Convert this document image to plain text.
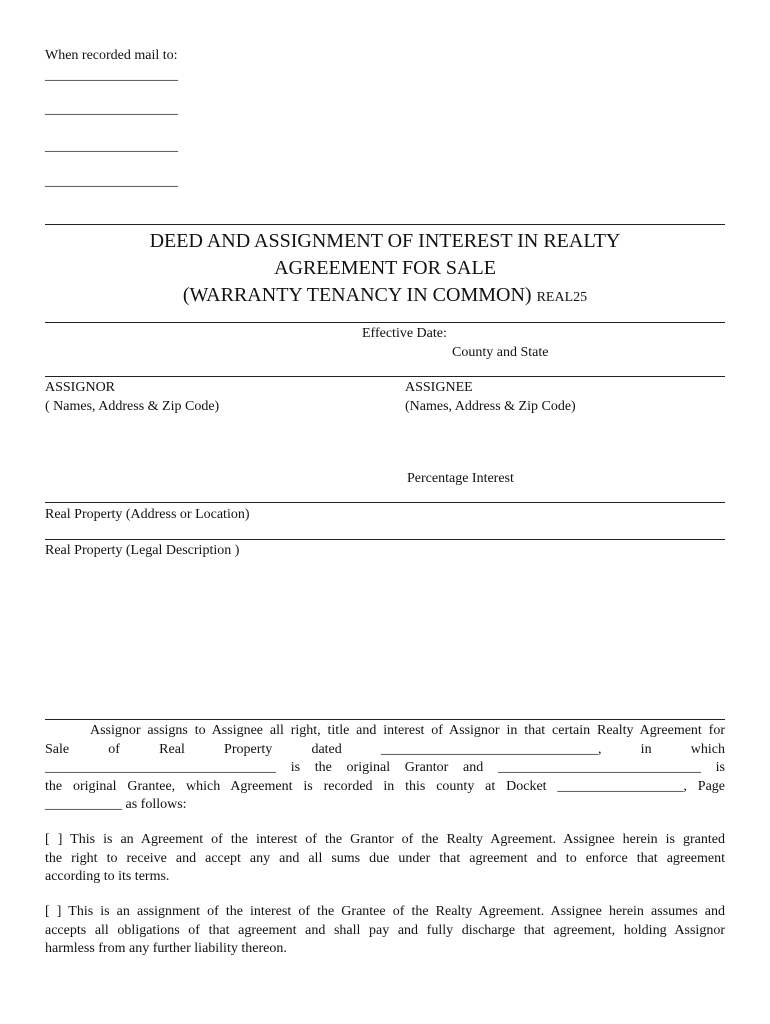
When recorded mail to:
___________________
___________________
___________________
___________________
DEED AND ASSIGNMENT OF INTEREST IN REALTY
AGREEMENT FOR SALE
(WARRANTY TENANCY IN COMMON) REAL25
Effective Date:
County and State
ASSIGNOR
( Names, Address & Zip Code)
ASSIGNEE
(Names, Address & Zip Code)
Percentage Interest
Real Property (Address or Location)
Real Property (Legal Description )
Assignor assigns to Assignee all right, title and interest of Assignor in that certain Realty Agreement for
Sale of Real Property dated _______________________________, in which
_________________________________ is the original Grantor and _____________________________ is
the original Grantee, which Agreement is recorded in this county at Docket __________________, Page
___________ as follows:
[ ] This is an Agreement of the interest of the Grantor of the Realty Agreement. Assignee herein is granted
the right to receive and accept any and all sums due under that agreement and to enforce that agreement
according to its terms.
[ ] This is an assignment of the interest of the Grantee of the Realty Agreement. Assignee herein assumes and
accepts all obligations of that agreement and shall pay and fully discharge that agreement, holding Assignor
harmless from any further liability thereon.
